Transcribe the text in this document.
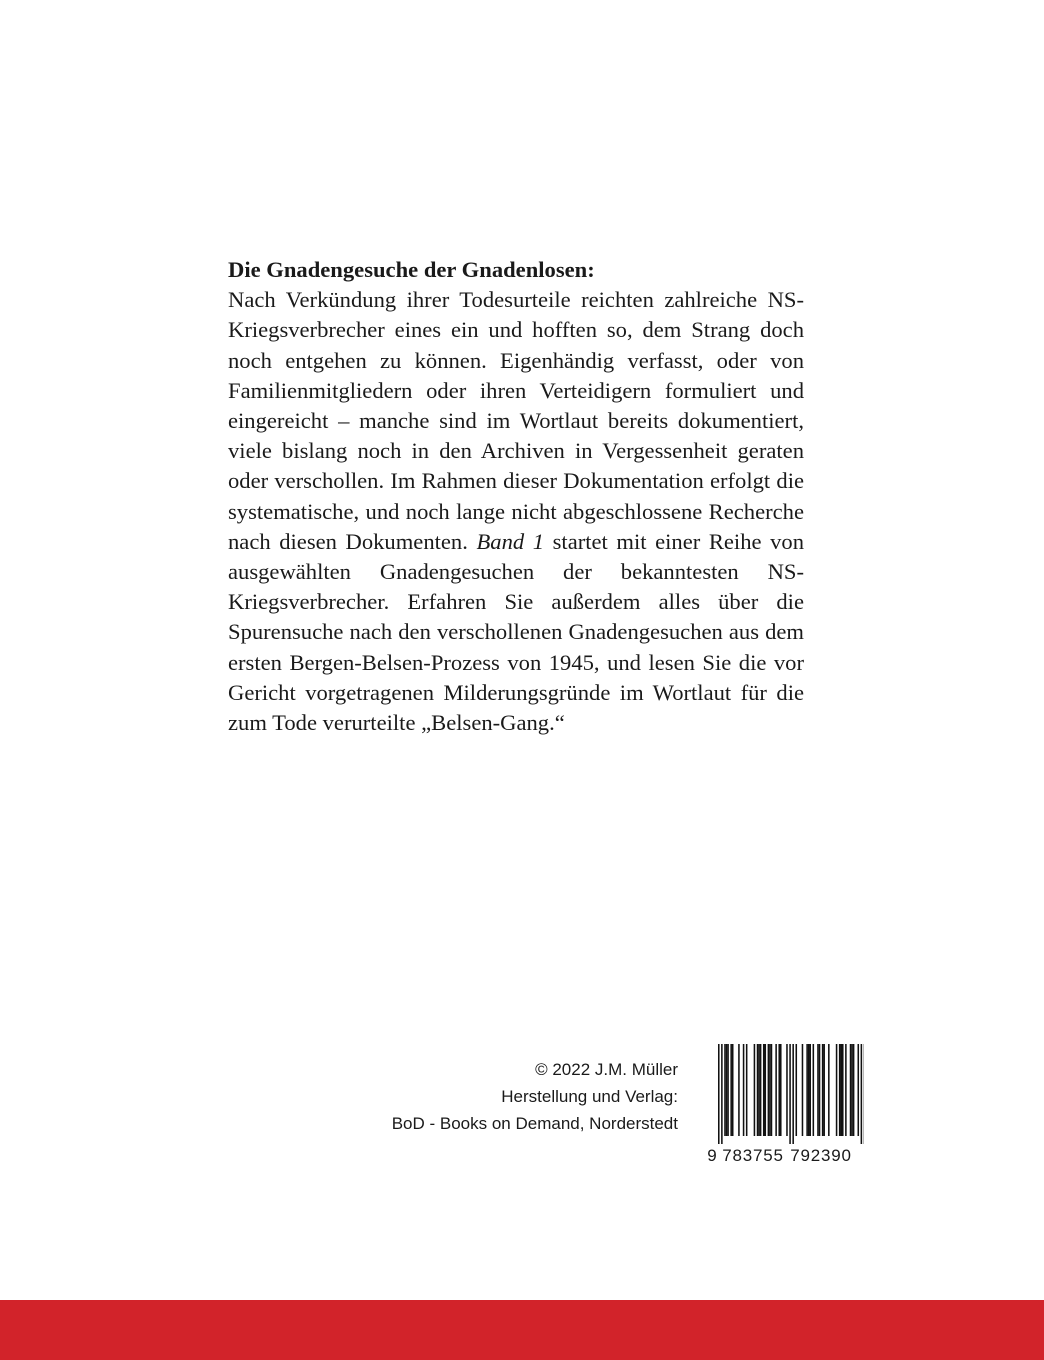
Die Gnadengesuche der Gnadenlosen:

Nach Verkündung ihrer Todesurteile reichten zahlreiche NS-Kriegsverbrecher eines ein und hofften so, dem Strang doch noch entgehen zu können. Eigenhändig verfasst, oder von Familienmitgliedern oder ihren Verteidigern formuliert und eingereicht – manche sind im Wortlaut bereits dokumentiert, viele bislang noch in den Archiven in Vergessenheit geraten oder verschollen. Im Rahmen dieser Dokumentation erfolgt die systematische, und noch lange nicht abgeschlossene Recherche nach diesen Dokumenten. Band 1 startet mit einer Reihe von ausgewählten Gnadengesuchen der bekanntesten NS-Kriegsverbrecher. Erfahren Sie außerdem alles über die Spurensuche nach den verschollenen Gnadengesuchen aus dem ersten Bergen-Belsen-Prozess von 1945, und lesen Sie die vor Gericht vorgetragenen Milderungsgründe im Wortlaut für die zum Tode verurteilte „Belsen-Gang.“

© 2022 J.M. Müller
Herstellung und Verlag:
BoD - Books on Demand, Norderstedt
9 783755 792390
